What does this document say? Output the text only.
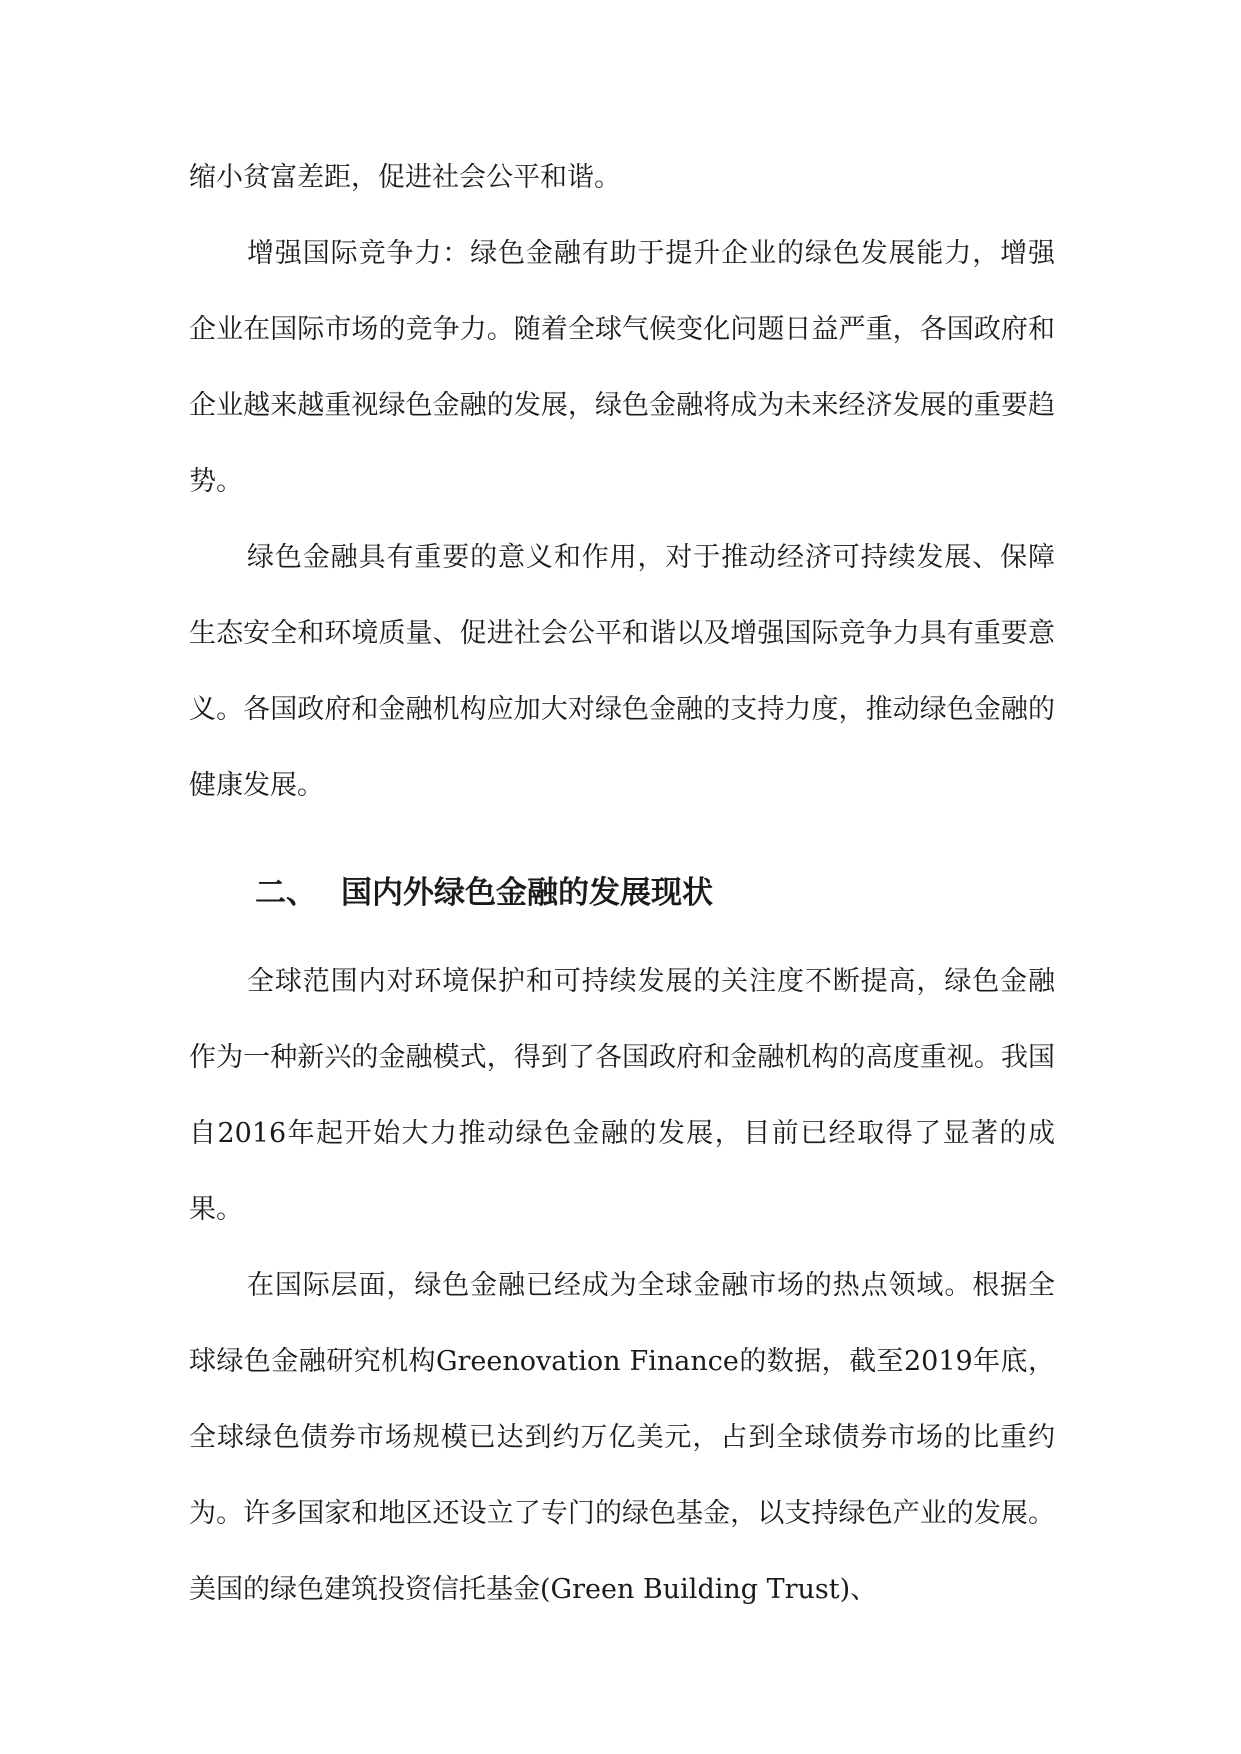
缩小贫富差距，促进社会公平和谐。

增强国际竞争力：绿色金融有助于提升企业的绿色发展能力，增强企业在国际市场的竞争力。随着全球气候变化问题日益严重，各国政府和企业越来越重视绿色金融的发展，绿色金融将成为未来经济发展的重要趋势。

绿色金融具有重要的意义和作用，对于推动经济可持续发展、保障生态安全和环境质量、促进社会公平和谐以及增强国际竞争力具有重要意义。各国政府和金融机构应加大对绿色金融的支持力度，推动绿色金融的健康发展。

二、 国内外绿色金融的发展现状

全球范围内对环境保护和可持续发展的关注度不断提高，绿色金融作为一种新兴的金融模式，得到了各国政府和金融机构的高度重视。我国自2016年起开始大力推动绿色金融的发展，目前已经取得了显著的成果。

在国际层面，绿色金融已经成为全球金融市场的热点领域。根据全球绿色金融研究机构Greenovation Finance的数据，截至2019年底，全球绿色债券市场规模已达到约万亿美元，占到全球债券市场的比重约为。许多国家和地区还设立了专门的绿色基金，以支持绿色产业的发展。美国的绿色建筑投资信托基金(Green Building Trust)、
